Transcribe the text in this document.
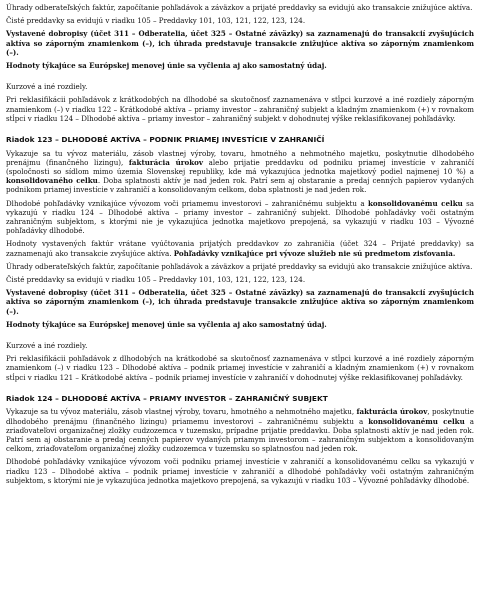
Úhrady odberateľských faktúr, započítanie pohľadávok a záväzkov a prijaté preddavky sa evidujú ako transakcie znižujúce aktíva.

Čisté preddavky sa evidujú v riadku 105 – Preddavky 101, 103, 121, 122, 123, 124.

Vystavené dobropisy (účet 311 – Odberatelia, účet 325 – Ostatné záväzky) sa zaznamenajú do transakcií zvyšujúcich aktíva so záporným znamienkom (–), ich úhrada predstavuje transakcie znižujúce aktíva so záporným znamienkom (–).

Hodnoty týkajúce sa Európskej menovej únie sa vyčlenia aj ako samostatný údaj.

Kurzové a iné rozdiely.

Pri reklasifikácii pohľadávok z krátkodobých na dlhodobé sa skutočnosť zaznamenáva v stĺpci kurzové a iné rozdiely záporným znamienkom (–) v riadku 122 – Krátkodobé aktíva – priamy investor – zahraničný subjekt a kladným znamienkom (+) v rovnakom stĺpci v riadku 124 – Dlhodobé aktíva – priamy investor – zahraničný subjekt v dohodnutej výške reklasifikovanej pohľadávky.

Riadok 123 – DLHODOBÉ AKTÍVA – PODNIK PRIAMEJ INVESTÍCIE V ZAHRANIČÍ

Vykazuje sa tu vývoz materiálu, zásob vlastnej výroby, tovaru, hmotného a nehmotného majetku, poskytnutie dlhodobého prenájmu (finančného lizingu), fakturácia úrokov alebo prijatie preddavku od podniku priamej investície v zahraničí (spoločnosti so sídlom mimo územia Slovenskej republiky, kde má vykazujúca jednotka majetkový podiel najmenej 10 %) a konsolidovaného celku. Doba splatnosti aktív je nad jeden rok. Patrí sem aj obstaranie a predaj cenných papierov vydaných podnikom priamej investície v zahraničí a konsolidovaným celkom, doba splatnosti je nad jeden rok.

Dlhodobé pohľadávky vznikajúce vývozom voči priamemu investorovi – zahraničnému subjektu a konsolidovanému celku sa vykazujú v riadku 124 – Dlhodobé aktíva – priamy investor – zahraničný subjekt. Dlhodobé pohľadávky voči ostatným zahraničným subjektom, s ktorými nie je vykazujúca jednotka majetkovo prepojená, sa vykazujú v riadku 103 – Vývozné pohľadávky dlhodobé.

Hodnoty vystavených faktúr vrátane vyúčtovania prijatých preddavkov zo zahraničia (účet 324 – Prijaté preddavky) sa zaznamenajú ako transakcie zvyšujúce aktíva. Pohľadávky vznikajúce pri vývoze služieb nie sú predmetom zisťovania.

Úhrady odberateľských faktúr, započítanie pohľadávok a záväzkov a prijaté preddavky sa evidujú ako transakcie znižujúce aktíva.

Čisté preddavky sa evidujú v riadku 105 – Preddavky 101, 103, 121, 122, 123, 124.

Vystavené dobropisy (účet 311 – Odberatelia, účet 325 – Ostatné záväzky) sa zaznamenajú do transakcií zvyšujúcich aktíva so záporným znamienkom (–), ich úhrada predstavuje transakcie znižujúce aktíva so záporným znamienkom (–).

Hodnoty týkajúce sa Európskej menovej únie sa vyčlenia aj ako samostatný údaj.

Kurzové a iné rozdiely.

Pri reklasifikácii pohľadávok z dlhodobých na krátkodobé sa skutočnosť zaznamenáva v stĺpci kurzové a iné rozdiely záporným znamienkom (–) v riadku 123 – Dlhodobé aktíva – podnik priamej investície v zahraničí a kladným znamienkom (+) v rovnakom stĺpci v riadku 121 – Krátkodobé aktíva – podnik priamej investície v zahraničí v dohodnutej výške reklasifikovanej pohľadávky.

Riadok 124 – DLHODOBÉ AKTÍVA – PRIAMY INVESTOR – ZAHRANIČNÝ SUBJEKT

Vykazuje sa tu vývoz materiálu, zásob vlastnej výroby, tovaru, hmotného a nehmotného majetku, fakturácia úrokov, poskytnutie dlhodobého prenájmu (finančného lizingu) priamemu investorovi – zahraničnému subjektu a konsolidovanému celku a zriaďovateľovi organizačnej zložky cudzozemca v tuzemsku, prípadne prijatie preddavku. Doba splatnosti aktív je nad jeden rok. Patrí sem aj obstaranie a predaj cenných papierov vydaných priamym investorom – zahraničným subjektom a konsolidovaným celkom, zriaďovateľom organizačnej zložky cudzozemca v tuzemsku so splatnosťou nad jeden rok.

Dlhodobé pohľadávky vznikajúce vývozom voči podniku priamej investície v zahraničí a konsolidovanému celku sa vykazujú v riadku 123 – Dlhodobé aktíva – podnik priamej investície v zahraničí a dlhodobé pohľadávky voči ostatným zahraničným subjektom, s ktorými nie je vykazujúca jednotka majetkovo prepojená, sa vykazujú v riadku 103 – Vývozné pohľadávky dlhodobé.
